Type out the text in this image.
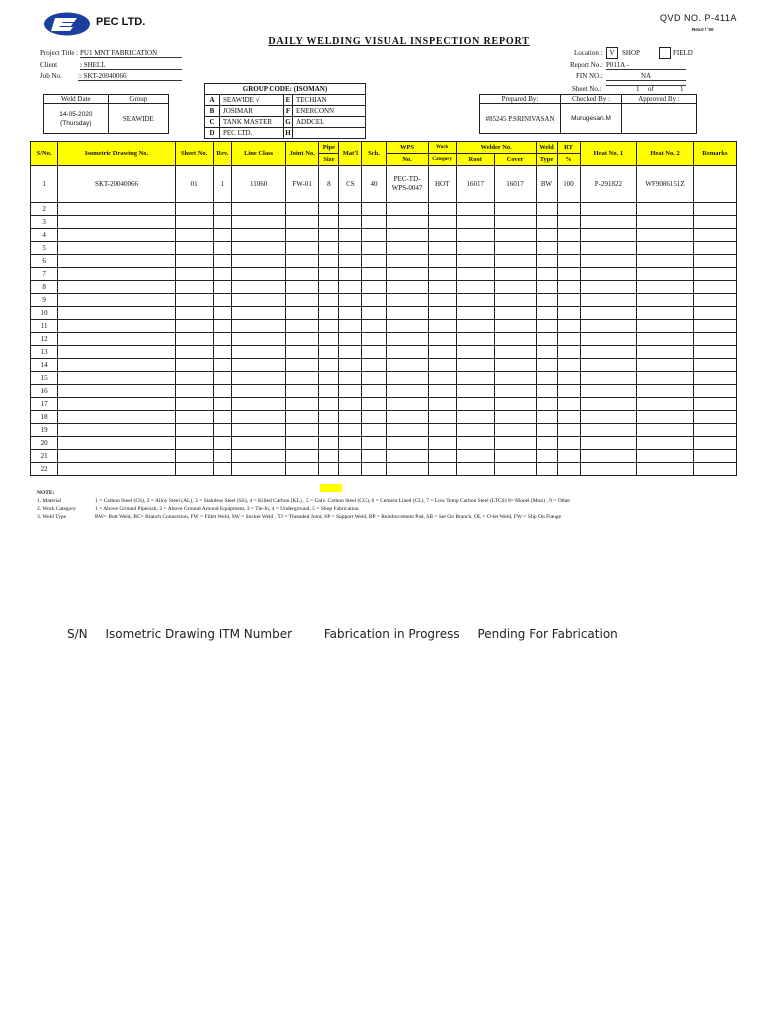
PEC LTD.	QVD NO. P-411A
Rev.0 / '00
DAILY WELDING VISUAL INSPECTION REPORT
Project Title : PU1 MNT FABRICATION
Client	: SHELL
Job No. :: SKT-20040066
Location : V	SHOP	FIELD
Report No.: P011A -
FIN NO.:	NA
Sheet No.:	1 of	1
Weld Date	Group

14-05-2020
(Thursday)	SEAWIDE
GROUP CODE: (ISOMAN)			
A	SEAWIDE √	E	TECHIAN
B	JOSIMAR	F	ENERCONN
C	TANK MASTER	G	ADDCEL
D	PEC LTD.	H	
Prepared By:	Checked By :	Approved By :
#85245 P.SRINIVASAN	Murugesan.M	
S/No.	Isometric Drawing No.	Sheet No.	Rev.	Line Class	Joint No.	Pipe	Mat'l	Sch.	WPS	Work	Welder No.		Weld	RT	Heat No. 1	Heat No. 2	Remarks
						Size			No.	Category	Root	Cover	Type	%			
1	SKT-20040066	01	1	11060	FW-01	8	CS	40	PEC-TD-
WPS-0047	HOT	16017	16017	BW	100	P-291822	WF9086151Z	
2																	
3																	
4																	
5																	
6																	
7																	
8																	
9																	
10																	
11																	
12																	
13																	
14																	
15																	
16																	
17																	
18																	
19																	
20																	
21																	
22																	
NOTE:
1. Material	1 = Carbon Steel (CS), 2 = Alloy Steel (AL), 3 = Stainless Steel (SS), 4 = Killed Carbon (KL) , 5 = Galv. Carbon Steel (CG), 6 = Cement Lined (CL), 7 = Low Temp Carbon Steel (LTCS) 8= Monel (Mon) , 9 = Other
2. Work Category	1 = Above Ground Piperack, 2 = Above Ground Around Equipment, 3 = Tie-In, 4 = Underground, 5 = Shop Fabrication
3. Weld Type	BW= Butt Weld, BC= Branch Connection, FW = Fillet Weld, SW = Socket Weld , TJ = Threaded Joint, SP = Support Weld, RP = Reinforcement Pad, SB = Set On Branch, OL = O-let Weld, FW = Slip On Flange
S/N Isometric Drawing ITM Number	Fabrication in Progress Pending For Fabrication
